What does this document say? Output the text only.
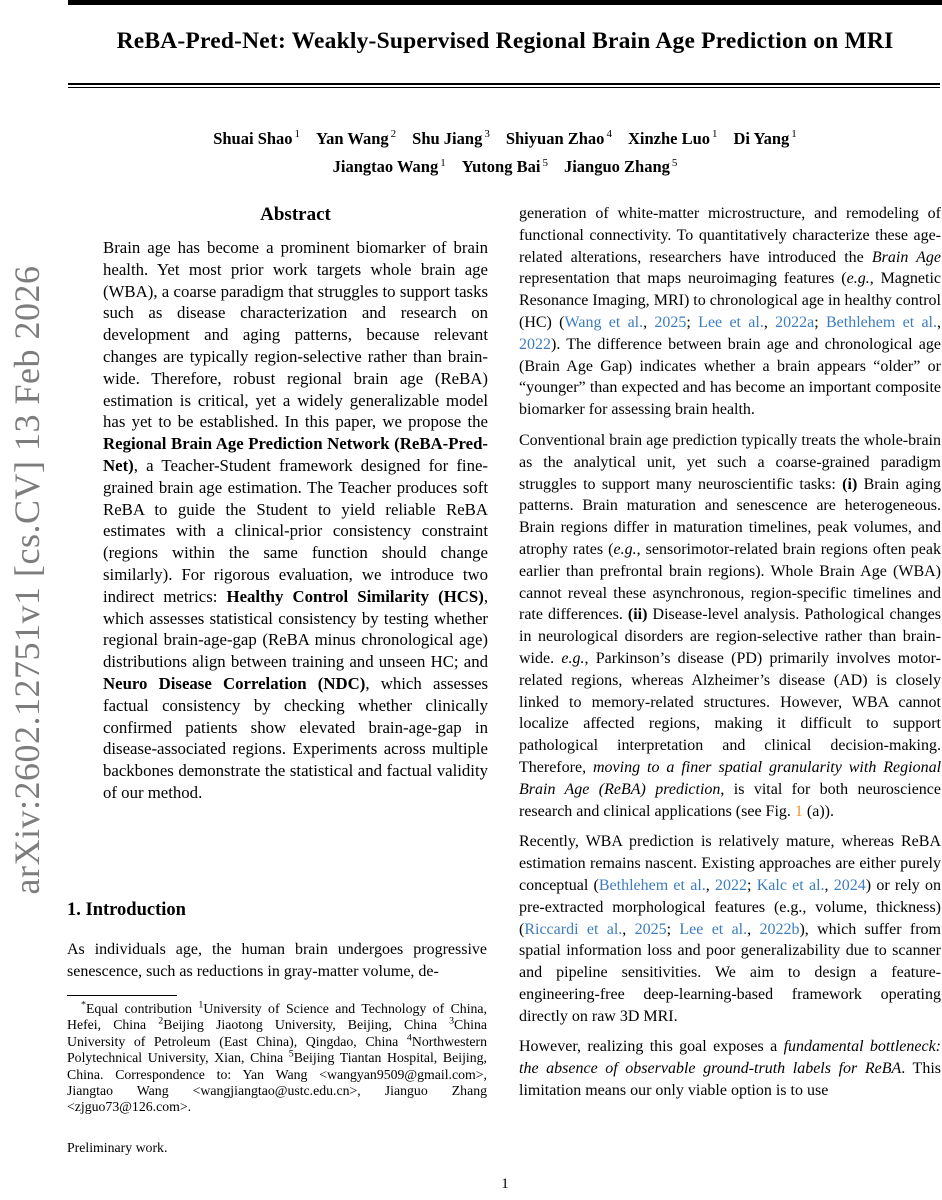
ReBA-Pred-Net: Weakly-Supervised Regional Brain Age Prediction on MRI
Shuai Shao $^1$ Yan Wang $^2$ Shu Jiang $^3$ Shiyuan Zhao $^4$ Xinzhe Luo $^1$ Di Yang $^1$
Jiangtao Wang $^1$ Yutong Bai $^5$ Jianguo Zhang $^5$
arXiv:2602.12751v1 [cs.CV] 13 Feb 2026
Abstract
Brain age has become a prominent biomarker of brain health. Yet most prior work targets whole brain age (WBA), a coarse paradigm that struggles to support tasks such as disease characterization and research on development and aging patterns, because relevant changes are typically region-selective rather than brain-wide. Therefore, robust regional brain age (ReBA) estimation is critical, yet a widely generalizable model has yet to be established. In this paper, we propose the Regional Brain Age Prediction Network (ReBA-Pred-Net), a Teacher-Student framework designed for fine-grained brain age estimation. The Teacher produces soft ReBA to guide the Student to yield reliable ReBA estimates with a clinical-prior consistency constraint (regions within the same function should change similarly). For rigorous evaluation, we introduce two indirect metrics: Healthy Control Similarity (HCS), which assesses statistical consistency by testing whether regional brain-age-gap (ReBA minus chronological age) distributions align between training and unseen HC; and Neuro Disease Correlation (NDC), which assesses factual consistency by checking whether clinically confirmed patients show elevated brain-age-gap in disease-associated regions. Experiments across multiple backbones demonstrate the statistical and factual validity of our method.
1. Introduction
As individuals age, the human brain undergoes progressive senescence, such as reductions in gray-matter volume, de-
*Equal contribution $^1$University of Science and Technology of China, Hefei, China $^2$Beijing Jiaotong University, Beijing, China $^3$China University of Petroleum (East China), Qingdao, China $^4$Northwestern Polytechnical University, Xian, China $^5$Beijing Tiantan Hospital, Beijing, China. Correspondence to: Yan Wang <wangyan9509@gmail.com>, Jiangtao Wang <wangjiangtao@ustc.edu.cn>, Jianguo Zhang <zjguo73@126.com>.
Preliminary work.
generation of white-matter microstructure, and remodeling of functional connectivity. To quantitatively characterize these age-related alterations, researchers have introduced the Brain Age representation that maps neuroimaging features (e.g., Magnetic Resonance Imaging, MRI) to chronological age in healthy control (HC) (Wang et al., 2025; Lee et al., 2022a; Bethlehem et al., 2022). The difference between brain age and chronological age (Brain Age Gap) indicates whether a brain appears “older” or “younger” than expected and has become an important composite biomarker for assessing brain health.
Conventional brain age prediction typically treats the whole-brain as the analytical unit, yet such a coarse-grained paradigm struggles to support many neuroscientific tasks: (i) Brain aging patterns. Brain maturation and senescence are heterogeneous. Brain regions differ in maturation timelines, peak volumes, and atrophy rates (e.g., sensorimotor-related brain regions often peak earlier than prefrontal brain regions). Whole Brain Age (WBA) cannot reveal these asynchronous, region-specific timelines and rate differences. (ii) Disease-level analysis. Pathological changes in neurological disorders are region-selective rather than brain-wide. e.g., Parkinson’s disease (PD) primarily involves motor-related regions, whereas Alzheimer’s disease (AD) is closely linked to memory-related structures. However, WBA cannot localize affected regions, making it difficult to support pathological interpretation and clinical decision-making. Therefore, moving to a finer spatial granularity with Regional Brain Age (ReBA) prediction, is vital for both neuroscience research and clinical applications (see Fig. 1 (a)).
Recently, WBA prediction is relatively mature, whereas ReBA estimation remains nascent. Existing approaches are either purely conceptual (Bethlehem et al., 2022; Kalc et al., 2024) or rely on pre-extracted morphological features (e.g., volume, thickness) (Riccardi et al., 2025; Lee et al., 2022b), which suffer from spatial information loss and poor generalizability due to scanner and pipeline sensitivities. We aim to design a feature-engineering-free deep-learning-based framework operating directly on raw 3D MRI.
However, realizing this goal exposes a fundamental bottleneck: the absence of observable ground-truth labels for ReBA. This limitation means our only viable option is to use
1
